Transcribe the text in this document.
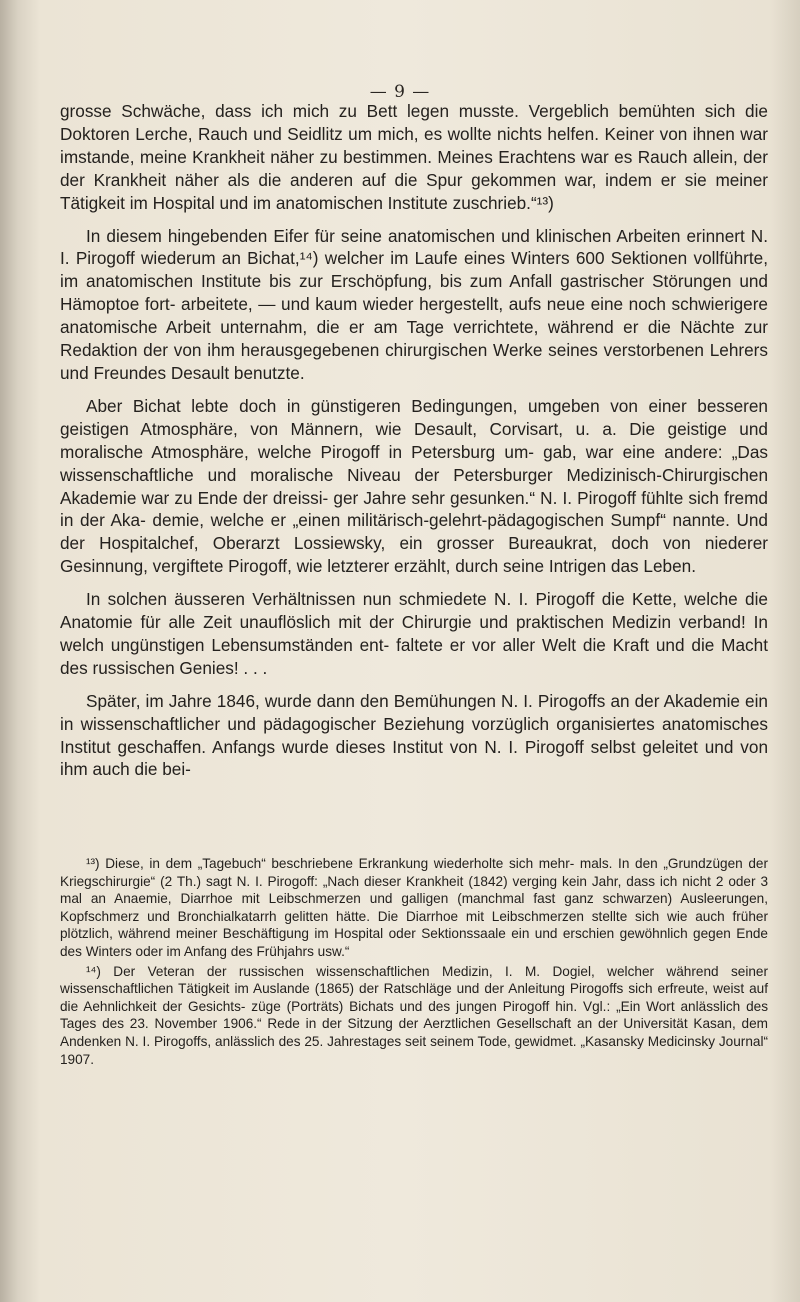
— 9 —

grosse Schwäche, dass ich mich zu Bett legen musste. Vergeblich bemühten sich die Doktoren Lerche, Rauch und Seidlitz um mich, es wollte nichts helfen. Keiner von ihnen war imstande, meine Krankheit näher zu bestimmen. Meines Erachtens war es Rauch allein, der der Krankheit näher als die anderen auf die Spur gekommen war, indem er sie meiner Tätigkeit im Hospital und im anatomischen Institute zuschrieb.“¹³)

In diesem hingebenden Eifer für seine anatomischen und klinischen Arbeiten erinnert N. I. Pirogoff wiederum an Bichat,¹⁴) welcher im Laufe eines Winters 600 Sektionen vollführte, im anatomischen Institute bis zur Erschöpfung, bis zum Anfall gastrischer Störungen und Hämoptoe fort- arbeitete, — und kaum wieder hergestellt, aufs neue eine noch schwierigere anatomische Arbeit unternahm, die er am Tage verrichtete, während er die Nächte zur Redaktion der von ihm herausgegebenen chirurgischen Werke seines verstorbenen Lehrers und Freundes Desault benutzte.

Aber Bichat lebte doch in günstigeren Bedingungen, umgeben von einer besseren geistigen Atmosphäre, von Männern, wie Desault, Corvisart, u. a. Die geistige und moralische Atmosphäre, welche Pirogoff in Petersburg um- gab, war eine andere: „Das wissenschaftliche und moralische Niveau der Petersburger Medizinisch-Chirurgischen Akademie war zu Ende der dreissi- ger Jahre sehr gesunken.“ N. I. Pirogoff fühlte sich fremd in der Aka- demie, welche er „einen militärisch-gelehrt-pädagogischen Sumpf“ nannte. Und der Hospitalchef, Oberarzt Lossiewsky, ein grosser Bureaukrat, doch von niederer Gesinnung, vergiftete Pirogoff, wie letzterer erzählt, durch seine Intrigen das Leben.

In solchen äusseren Verhältnissen nun schmiedete N. I. Pirogoff die Kette, welche die Anatomie für alle Zeit unauflöslich mit der Chirurgie und praktischen Medizin verband! In welch ungünstigen Lebensumständen ent- faltete er vor aller Welt die Kraft und die Macht des russischen Genies! . . .

Später, im Jahre 1846, wurde dann den Bemühungen N. I. Pirogoffs an der Akademie ein in wissenschaftlicher und pädagogischer Beziehung vorzüglich organisiertes anatomisches Institut geschaffen. Anfangs wurde dieses Institut von N. I. Pirogoff selbst geleitet und von ihm auch die bei-

¹³) Diese, in dem „Tagebuch“ beschriebene Erkrankung wiederholte sich mehr- mals. In den „Grundzügen der Kriegschirurgie“ (2 Th.) sagt N. I. Pirogoff: „Nach dieser Krankheit (1842) verging kein Jahr, dass ich nicht 2 oder 3 mal an Anaemie, Diarrhoe mit Leibschmerzen und galligen (manchmal fast ganz schwarzen) Ausleerungen, Kopfschmerz und Bronchialkatarrh gelitten hätte. Die Diarrhoe mit Leibschmerzen stellte sich wie auch früher plötzlich, während meiner Beschäftigung im Hospital oder Sektionssaale ein und erschien gewöhnlich gegen Ende des Winters oder im Anfang des Frühjahrs usw.“

¹⁴) Der Veteran der russischen wissenschaftlichen Medizin, I. M. Dogiel, welcher während seiner wissenschaftlichen Tätigkeit im Auslande (1865) der Ratschläge und der Anleitung Pirogoffs sich erfreute, weist auf die Aehnlichkeit der Gesichts- züge (Porträts) Bichats und des jungen Pirogoff hin. Vgl.: „Ein Wort anlässlich des Tages des 23. November 1906.“ Rede in der Sitzung der Aerztlichen Gesellschaft an der Universität Kasan, dem Andenken N. I. Pirogoffs, anlässlich des 25. Jahrestages seit seinem Tode, gewidmet. „Kasansky Medicinsky Journal“ 1907.
